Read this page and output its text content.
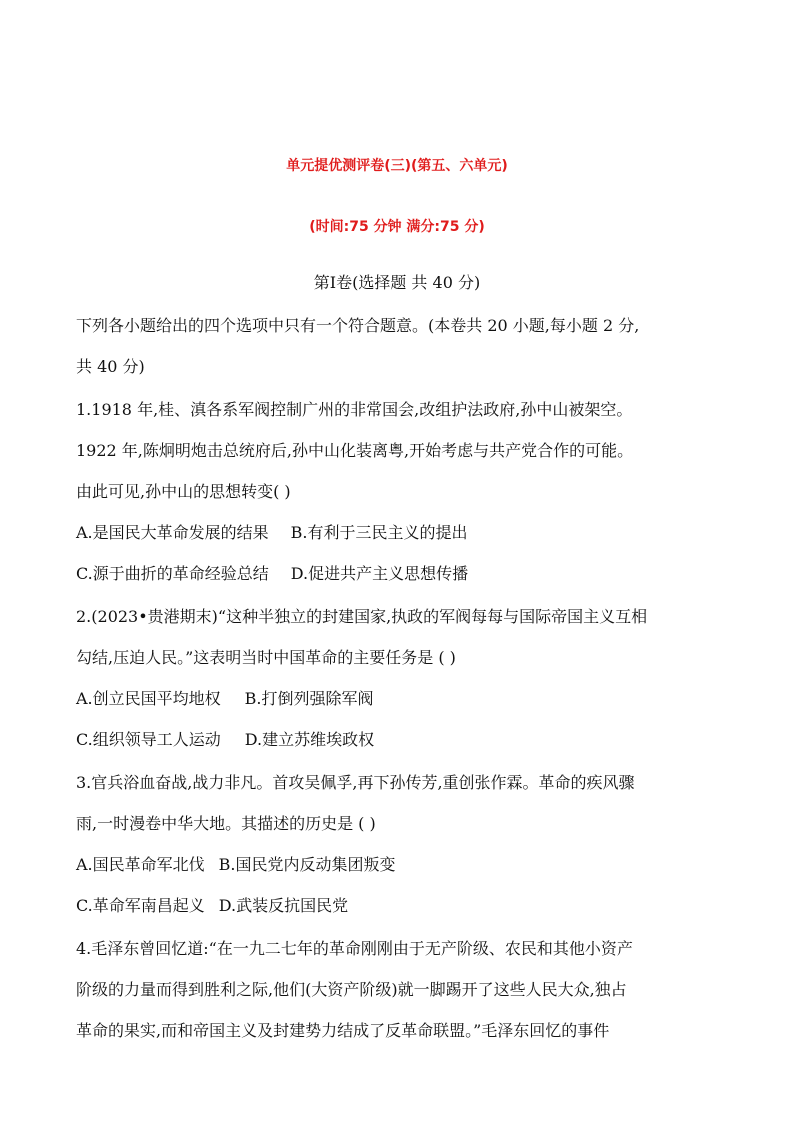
单元提优测评卷(三)(第五、六单元)
(时间:75 分钟 满分:75 分)
第Ⅰ卷(选择题 共 40 分)
下列各小题给出的四个选项中只有一个符合题意。(本卷共 20 小题,每小题 2 分,
共 40 分)
1.1918 年,桂、滇各系军阀控制广州的非常国会,改组护法政府,孙中山被架空。
1922 年,陈炯明炮击总统府后,孙中山化装离粤,开始考虑与共产党合作的可能。
由此可见,孙中山的思想转变( )
A.是国民大革命发展的结果 B.有利于三民主义的提出
C.源于曲折的革命经验总结 D.促进共产主义思想传播
2.(2023•贵港期末)“这种半独立的封建国家,执政的军阀每每与国际帝国主义互相
勾结,压迫人民。”这表明当时中国革命的主要任务是 ( )
A.创立民国平均地权 B.打倒列强除军阀
C.组织领导工人运动 D.建立苏维埃政权
3.官兵浴血奋战,战力非凡。首攻吴佩孚,再下孙传芳,重创张作霖。革命的疾风骤
雨,一时漫卷中华大地。其描述的历史是 ( )
A.国民革命军北伐 B.国民党内反动集团叛变
C.革命军南昌起义 D.武装反抗国民党
4.毛泽东曾回忆道:“在一九二七年的革命刚刚由于无产阶级、农民和其他小资产
阶级的力量而得到胜利之际,他们(大资产阶级)就一脚踢开了这些人民大众,独占
革命的果实,而和帝国主义及封建势力结成了反革命联盟。”毛泽东回忆的事件
